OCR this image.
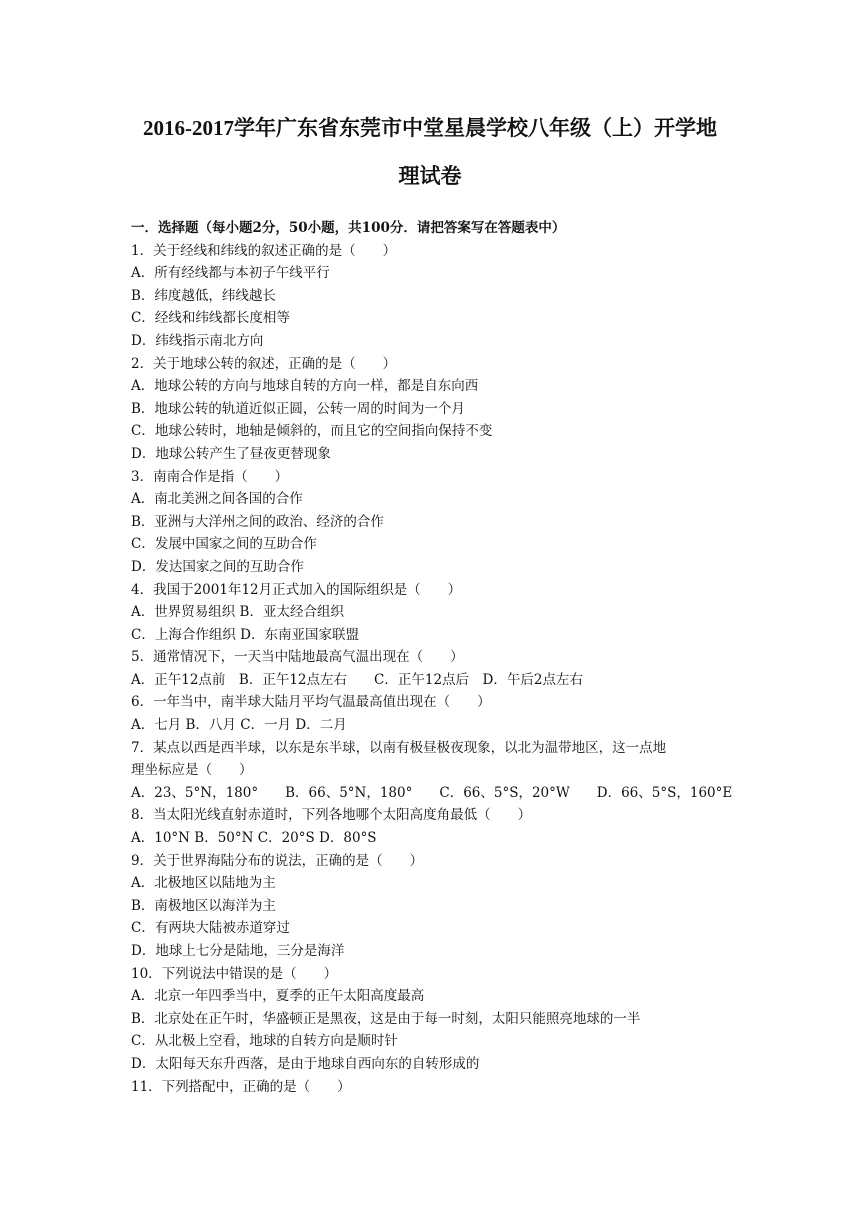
2016-2017学年广东省东莞市中堂星晨学校八年级（上）开学地
理试卷
一．选择题（每小题2分，50小题，共100分．请把答案写在答题表中）
1．关于经线和纬线的叙述正确的是（　　）
A．所有经线都与本初子午线平行
B．纬度越低，纬线越长
C．经线和纬线都长度相等
D．纬线指示南北方向
2．关于地球公转的叙述，正确的是（　　）
A．地球公转的方向与地球自转的方向一样，都是自东向西
B．地球公转的轨道近似正圆，公转一周的时间为一个月
C．地球公转时，地轴是倾斜的，而且它的空间指向保持不变
D．地球公转产生了昼夜更替现象
3．南南合作是指（　　）
A．南北美洲之间各国的合作
B．亚洲与大洋州之间的政治、经济的合作
C．发展中国家之间的互助合作
D．发达国家之间的互助合作
4．我国于2001年12月正式加入的国际组织是（　　）
A．世界贸易组织 B．亚太经合组织
C．上海合作组织 D．东南亚国家联盟
5．通常情况下，一天当中陆地最高气温出现在（　　）
A．正午12点前　B．正午12点左右　　C．正午12点后　D．午后2点左右
6．一年当中，南半球大陆月平均气温最高值出现在（　　）
A．七月 B．八月 C．一月 D．二月
7．某点以西是西半球，以东是东半球，以南有极昼极夜现象，以北为温带地区，这一点地
理坐标应是（　　）
A．23、5°N，180°　　B．66、5°N，180°　　C．66、5°S，20°W　　D．66、5°S，160°E
8．当太阳光线直射赤道时，下列各地哪个太阳高度角最低（　　）
A．10°N B．50°N C．20°S D．80°S
9．关于世界海陆分布的说法，正确的是（　　）
A．北极地区以陆地为主
B．南极地区以海洋为主
C．有两块大陆被赤道穿过
D．地球上七分是陆地，三分是海洋
10．下列说法中错误的是（　　）
A．北京一年四季当中，夏季的正午太阳高度最高
B．北京处在正午时，华盛顿正是黑夜，这是由于每一时刻，太阳只能照亮地球的一半
C．从北极上空看，地球的自转方向是顺时针
D．太阳每天东升西落，是由于地球自西向东的自转形成的
11．下列搭配中，正确的是（　　）
